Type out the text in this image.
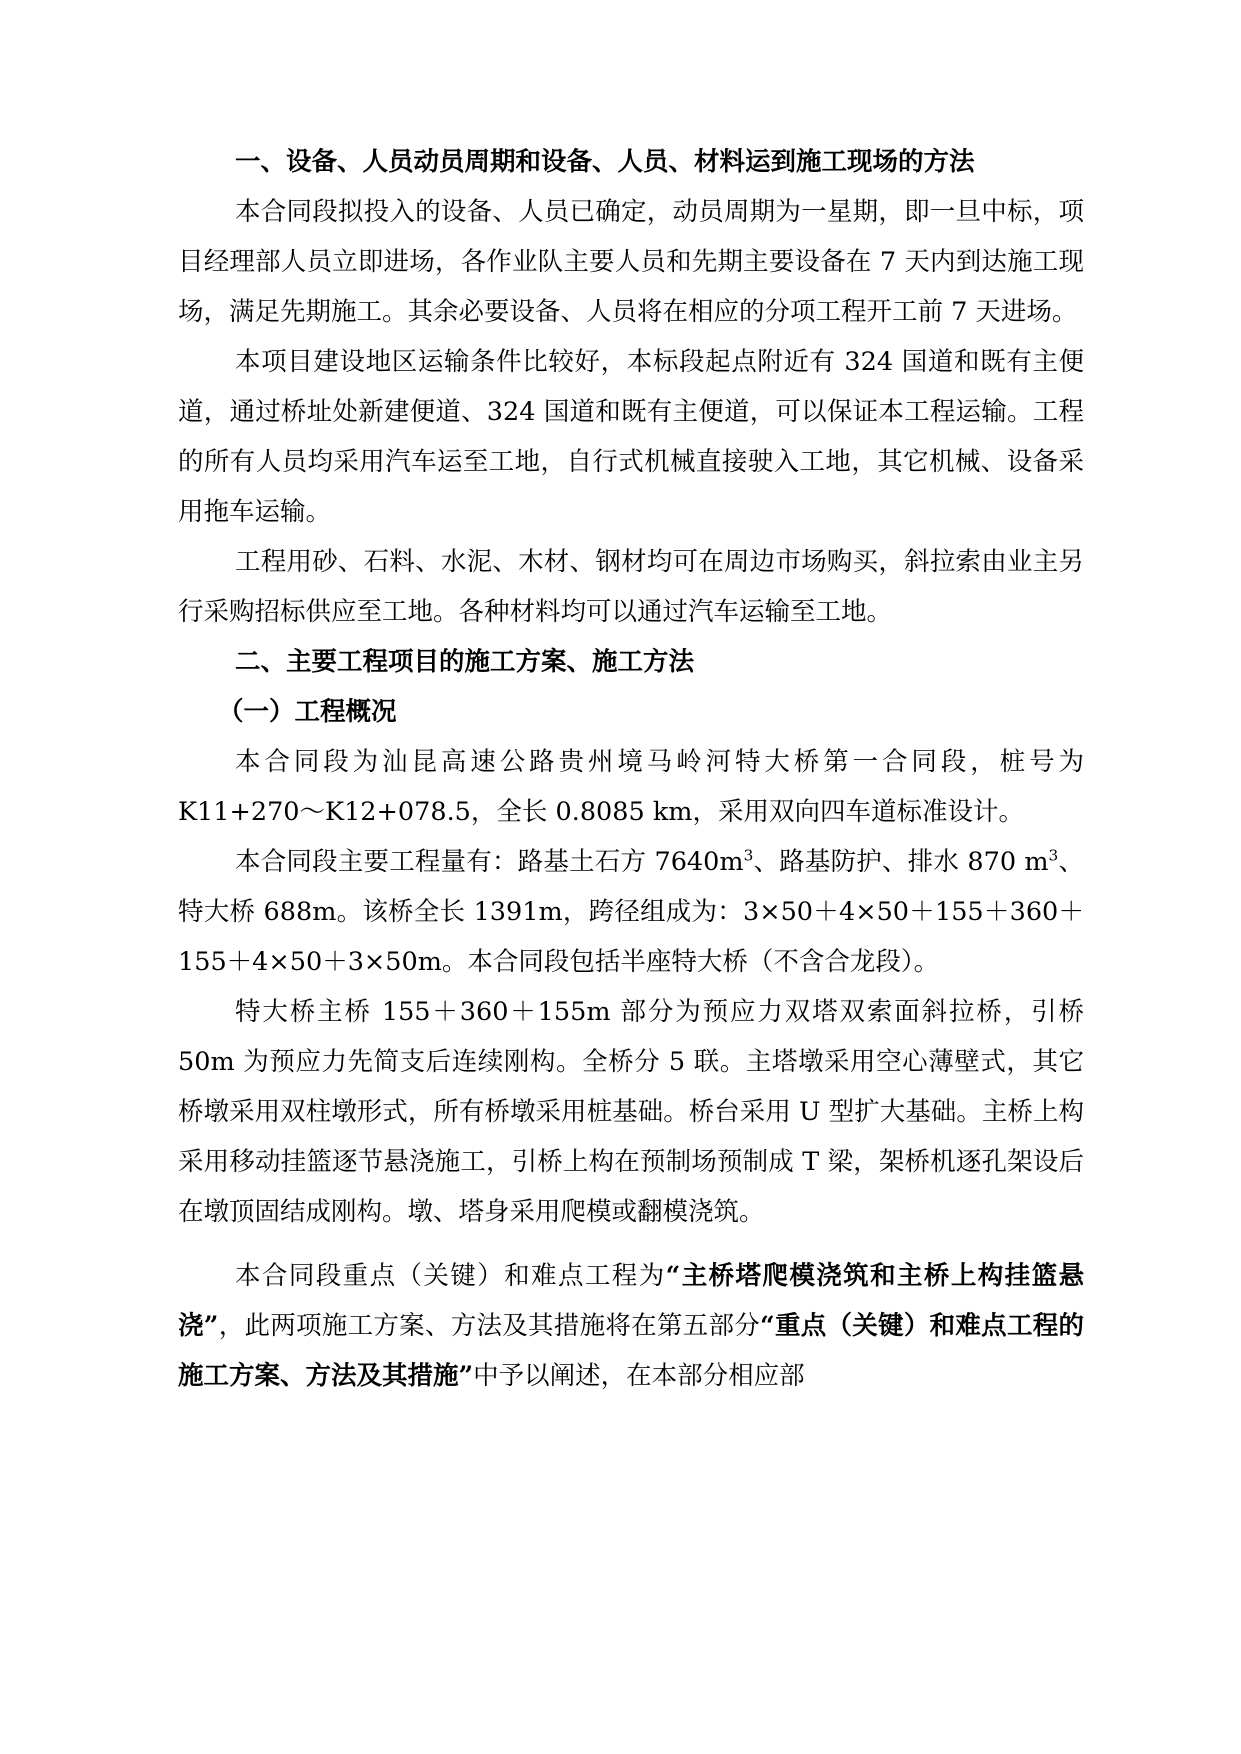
一、设备、人员动员周期和设备、人员、材料运到施工现场的方法

本合同段拟投入的设备、人员已确定，动员周期为一星期，即一旦中标，项目经理部人员立即进场，各作业队主要人员和先期主要设备在 7 天内到达施工现场，满足先期施工。其余必要设备、人员将在相应的分项工程开工前 7 天进场。

本项目建设地区运输条件比较好，本标段起点附近有 324 国道和既有主便道，通过桥址处新建便道、324 国道和既有主便道，可以保证本工程运输。工程的所有人员均采用汽车运至工地，自行式机械直接驶入工地，其它机械、设备采用拖车运输。

工程用砂、石料、水泥、木材、钢材均可在周边市场购买，斜拉索由业主另行采购招标供应至工地。各种材料均可以通过汽车运输至工地。

二、主要工程项目的施工方案、施工方法

（一）工程概况

本合同段为汕昆高速公路贵州境马岭河特大桥第一合同段，桩号为 K11+270～K12+078.5，全长 0.8085 km，采用双向四车道标准设计。

本合同段主要工程量有：路基土石方 $7640m^3$、路基防护、排水 870 $m^3$、特大桥 688m。该桥全长 1391m，跨径组成为：3×50＋4×50＋155＋360＋155＋4×50＋3×50m。本合同段包括半座特大桥（不含合龙段）。

特大桥主桥 155＋360＋155m 部分为预应力双塔双索面斜拉桥，引桥 50m 为预应力先简支后连续刚构。全桥分 5 联。主塔墩采用空心薄壁式，其它桥墩采用双柱墩形式，所有桥墩采用桩基础。桥台采用 U 型扩大基础。主桥上构采用移动挂篮逐节悬浇施工，引桥上构在预制场预制成 T 梁，架桥机逐孔架设后在墩顶固结成刚构。墩、塔身采用爬模或翻模浇筑。

本合同段重点（关键）和难点工程为“主桥塔爬模浇筑和主桥上构挂篮悬浇”，此两项施工方案、方法及其措施将在第五部分“重点（关键）和难点工程的施工方案、方法及其措施”中予以阐述，在本部分相应部
